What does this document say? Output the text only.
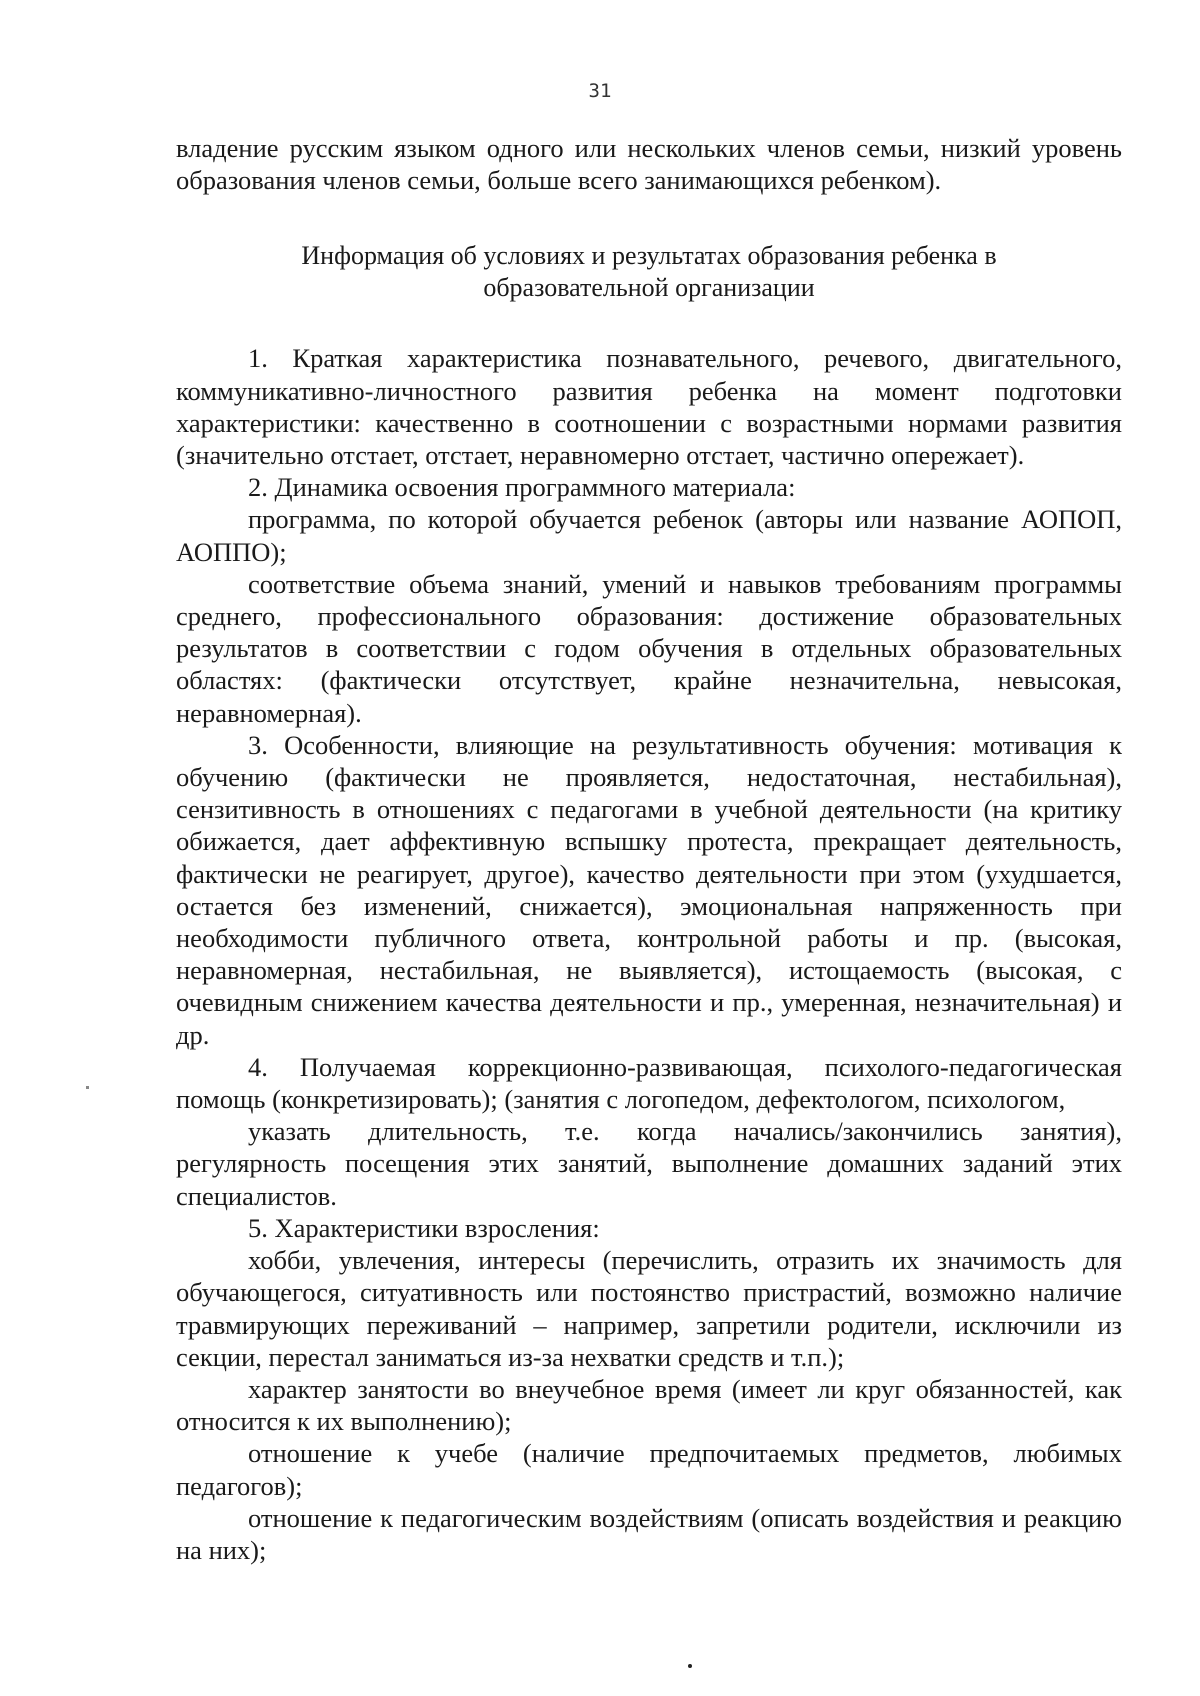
31

владение русским языком одного или нескольких членов семьи, низкий уровень образования членов семьи, больше всего занимающихся ребенком).

Информация об условиях и результатах образования ребенка в образовательной организации

1. Краткая характеристика познавательного, речевого, двигательного, коммуникативно-личностного развития ребенка на момент подготовки характеристики: качественно в соотношении с возрастными нормами развития (значительно отстает, отстает, неравномерно отстает, частично опережает).

2. Динамика освоения программного материала:

программа, по которой обучается ребенок (авторы или название АОПОП, АОППО);

соответствие объема знаний, умений и навыков требованиям программы среднего, профессионального образования: достижение образовательных результатов в соответствии с годом обучения в отдельных образовательных областях: (фактически отсутствует, крайне незначительна, невысокая, неравномерная).

3. Особенности, влияющие на результативность обучения: мотивация к обучению (фактически не проявляется, недостаточная, нестабильная), сензитивность в отношениях с педагогами в учебной деятельности (на критику обижается, дает аффективную вспышку протеста, прекращает деятельность, фактически не реагирует, другое), качество деятельности при этом (ухудшается, остается без изменений, снижается), эмоциональная напряженность при необходимости публичного ответа, контрольной работы и пр. (высокая, неравномерная, нестабильная, не выявляется), истощаемость (высокая, с очевидным снижением качества деятельности и пр., умеренная, незначительная) и др.

4. Получаемая коррекционно-развивающая, психолого-педагогическая помощь (конкретизировать); (занятия с логопедом, дефектологом, психологом,

указать длительность, т.е. когда начались/закончились занятия), регулярность посещения этих занятий, выполнение домашних заданий этих специалистов.

5. Характеристики взросления:

хобби, увлечения, интересы (перечислить, отразить их значимость для обучающегося, ситуативность или постоянство пристрастий, возможно наличие травмирующих переживаний – например, запретили родители, исключили из секции, перестал заниматься из-за нехватки средств и т.п.);

характер занятости во внеучебное время (имеет ли круг обязанностей, как относится к их выполнению);

отношение к учебе (наличие предпочитаемых предметов, любимых педагогов);

отношение к педагогическим воздействиям (описать воздействия и реакцию на них);
